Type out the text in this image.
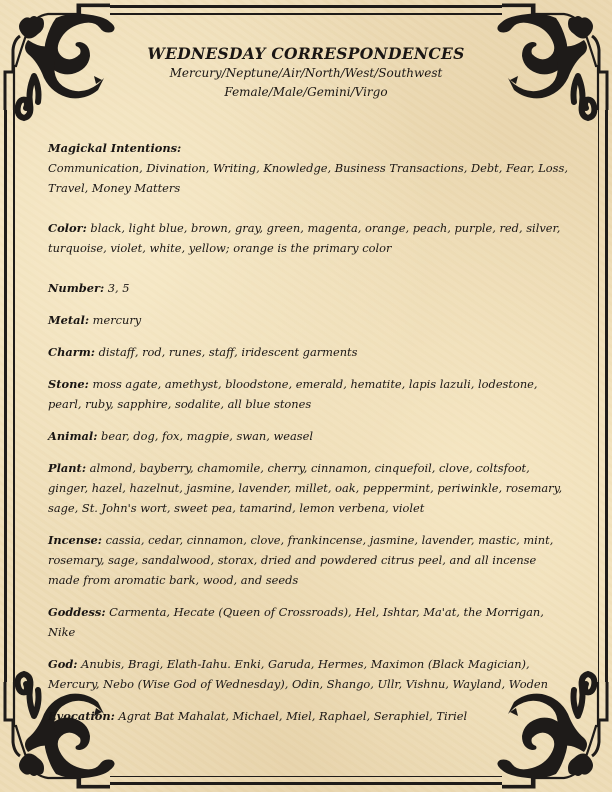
WEDNESDAY CORRESPONDENCES
Mercury/Neptune/Air/North/West/Southwest
Female/Male/Gemini/Virgo
Magickal Intentions:
Communication, Divination, Writing, Knowledge, Business Transactions, Debt, Fear, Loss, Travel, Money Matters
Color: black, light blue, brown, gray, green, magenta, orange, peach, purple, red, silver, turquoise, violet, white, yellow; orange is the primary color
Number: 3, 5
Metal: mercury
Charm: distaff, rod, runes, staff, iridescent garments
Stone: moss agate, amethyst, bloodstone, emerald, hematite, lapis lazuli, lodestone, pearl, ruby, sapphire, sodalite, all blue stones
Animal: bear, dog, fox, magpie, swan, weasel
Plant: almond, bayberry, chamomile, cherry, cinnamon, cinquefoil, clove, coltsfoot, ginger, hazel, hazelnut, jasmine, lavender, millet, oak, peppermint, periwinkle, rosemary, sage, St. John's wort, sweet pea, tamarind, lemon verbena, violet
Incense: cassia, cedar, cinnamon, clove, frankincense, jasmine, lavender, mastic, mint, rosemary, sage, sandalwood, storax, dried and powdered citrus peel, and all incense made from aromatic bark, wood, and seeds
Goddess: Carmenta, Hecate (Queen of Crossroads), Hel, Ishtar, Ma'at, the Morrigan, Nike
God: Anubis, Bragi, Elath-Iahu. Enki, Garuda, Hermes, Maximon (Black Magician), Mercury, Nebo (Wise God of Wednesday), Odin, Shango, Ullr, Vishnu, Wayland, Woden
Evocation: Agrat Bat Mahalat, Michael, Miel, Raphael, Seraphiel, Tiriel
